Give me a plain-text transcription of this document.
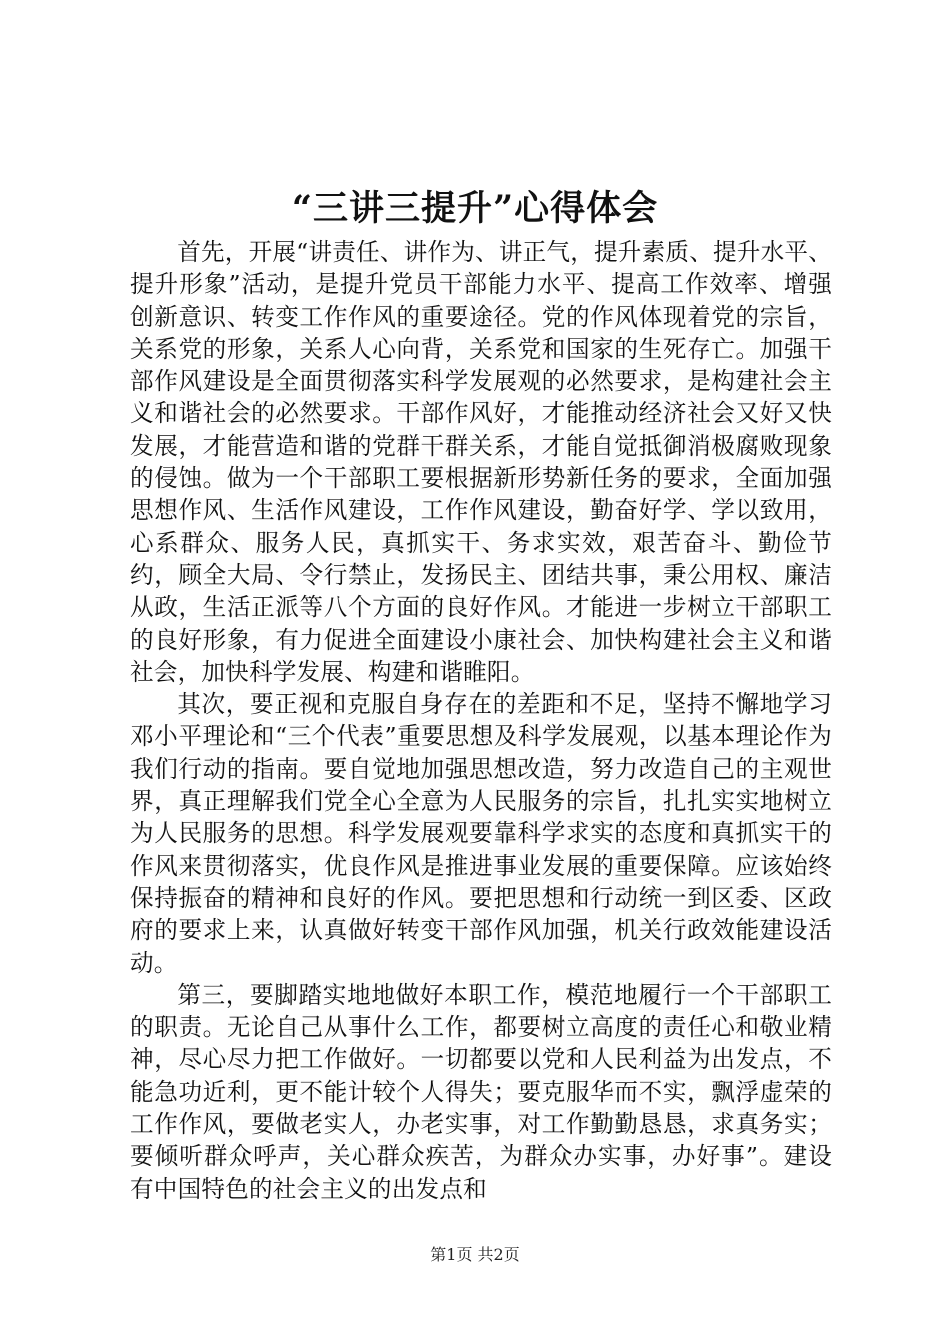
“三讲三提升”心得体会

首先，开展“讲责任、讲作为、讲正气，提升素质、提升水平、提升形象”活动，是提升党员干部能力水平、提高工作效率、增强创新意识、转变工作作风的重要途径。党的作风体现着党的宗旨，关系党的形象，关系人心向背，关系党和国家的生死存亡。加强干部作风建设是全面贯彻落实科学发展观的必然要求，是构建社会主义和谐社会的必然要求。干部作风好，才能推动经济社会又好又快发展，才能营造和谐的党群干群关系，才能自觉抵御消极腐败现象的侵蚀。做为一个干部职工要根据新形势新任务的要求，全面加强思想作风、生活作风建设，工作作风建设，勤奋好学、学以致用，心系群众、服务人民，真抓实干、务求实效，艰苦奋斗、勤俭节约，顾全大局、令行禁止，发扬民主、团结共事，秉公用权、廉洁从政，生活正派等八个方面的良好作风。才能进一步树立干部职工的良好形象，有力促进全面建设小康社会、加快构建社会主义和谐社会，加快科学发展、构建和谐睢阳。

其次，要正视和克服自身存在的差距和不足，坚持不懈地学习邓小平理论和“三个代表”重要思想及科学发展观，以基本理论作为我们行动的指南。要自觉地加强思想改造，努力改造自己的主观世界，真正理解我们党全心全意为人民服务的宗旨，扎扎实实地树立为人民服务的思想。科学发展观要靠科学求实的态度和真抓实干的作风来贯彻落实，优良作风是推进事业发展的重要保障。应该始终保持振奋的精神和良好的作风。要把思想和行动统一到区委、区政府的要求上来，认真做好转变干部作风加强，机关行政效能建设活动。

第三，要脚踏实地地做好本职工作，模范地履行一个干部职工的职责。无论自己从事什么工作，都要树立高度的责任心和敬业精神，尽心尽力把工作做好。一切都要以党和人民利益为出发点，不能急功近利，更不能计较个人得失；要克服华而不实，飘浮虚荣的工作作风，要做老实人，办老实事，对工作勤勤恳恳，求真务实；要倾听群众呼声，关心群众疾苦，为群众办实事，办好事”。建设有中国特色的社会主义的出发点和

第1页 共2页
